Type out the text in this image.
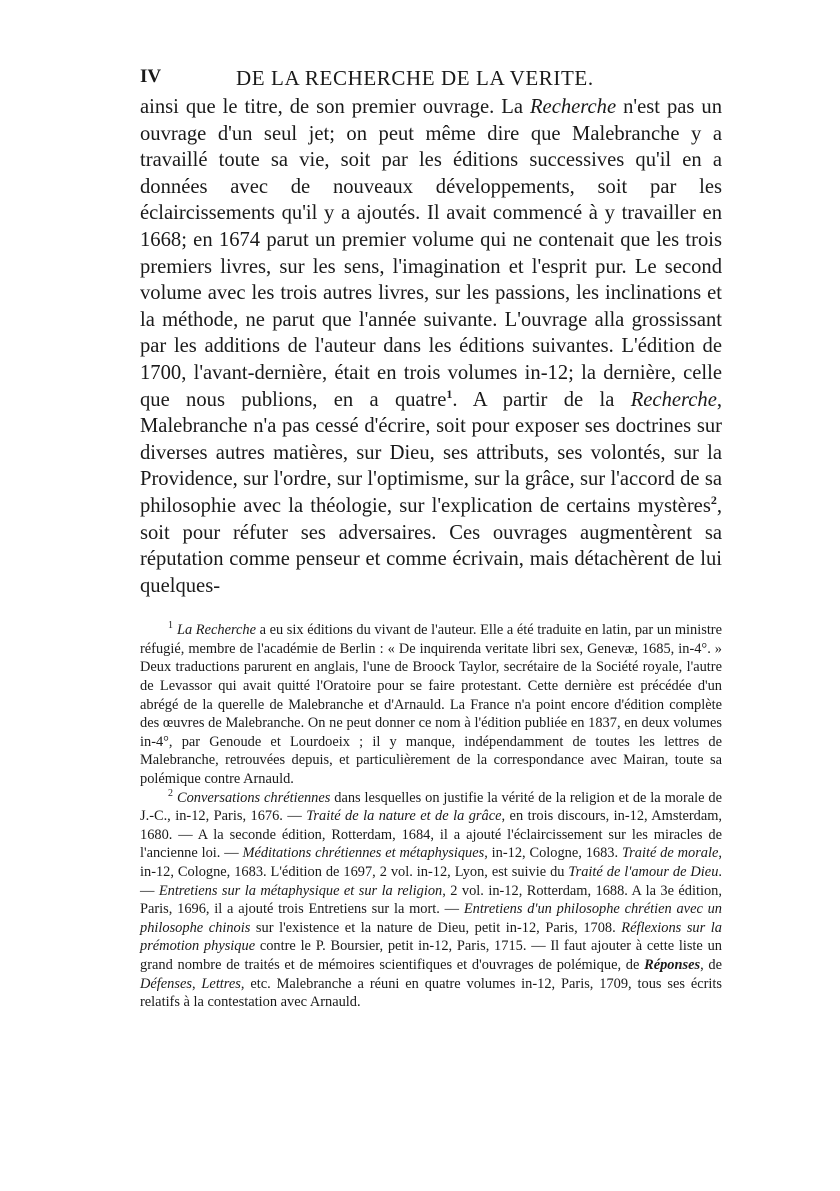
IV	DE LA RECHERCHE DE LA VERITE.

ainsi que le titre, de son premier ouvrage. La Recherche n'est pas un ouvrage d'un seul jet; on peut même dire que Malebranche y a travaillé toute sa vie, soit par les éditions successives qu'il en a données avec de nouveaux développements, soit par les éclaircissements qu'il y a ajoutés. Il avait commencé à y travailler en 1668; en 1674 parut un premier volume qui ne contenait que les trois premiers livres, sur les sens, l'imagination et l'esprit pur. Le second volume avec les trois autres livres, sur les passions, les inclinations et la méthode, ne parut que l'année suivante. L'ouvrage alla grossissant par les additions de l'auteur dans les éditions suivantes. L'édition de 1700, l'avant-dernière, était en trois volumes in-12; la dernière, celle que nous publions, en a quatre$^1$. A partir de la Recherche, Malebranche n'a pas cessé d'écrire, soit pour exposer ses doctrines sur diverses autres matières, sur Dieu, ses attributs, ses volontés, sur la Providence, sur l'ordre, sur l'optimisme, sur la grâce, sur l'accord de sa philosophie avec la théologie, sur l'explication de certains mystères$^2$, soit pour réfuter ses adversaires. Ces ouvrages augmentèrent sa réputation comme penseur et comme écrivain, mais détachèrent de lui quelques-

$^1$ La Recherche a eu six éditions du vivant de l'auteur. Elle a été traduite en latin, par un ministre réfugié, membre de l'académie de Berlin : « De inquirenda veritate libri sex, Genevæ, 1685, in-4°. » Deux traductions parurent en anglais, l'une de Broock Taylor, secrétaire de la Société royale, l'autre de Levassor qui avait quitté l'Oratoire pour se faire protestant. Cette dernière est précédée d'un abrégé de la querelle de Malebranche et d'Arnauld. La France n'a point encore d'édition complète des œuvres de Malebranche. On ne peut donner ce nom à l'édition publiée en 1837, en deux volumes in-4°, par Genoude et Lourdoeix ; il y manque, indépendamment de toutes les lettres de Malebranche, retrouvées depuis, et particulièrement de la correspondance avec Mairan, toute sa polémique contre Arnauld.

$^2$ Conversations chrétiennes dans lesquelles on justifie la vérité de la religion et de la morale de J.-C., in-12, Paris, 1676. — Traité de la nature et de la grâce, en trois discours, in-12, Amsterdam, 1680. — A la seconde édition, Rotterdam, 1684, il a ajouté l'éclaircissement sur les miracles de l'ancienne loi. — Méditations chrétiennes et métaphysiques, in-12, Cologne, 1683. Traité de morale, in-12, Cologne, 1683. L'édition de 1697, 2 vol. in-12, Lyon, est suivie du Traité de l'amour de Dieu. — Entretiens sur la métaphysique et sur la religion, 2 vol. in-12, Rotterdam, 1688. A la 3e édition, Paris, 1696, il a ajouté trois Entretiens sur la mort. — Entretiens d'un philosophe chrétien avec un philosophe chinois sur l'existence et la nature de Dieu, petit in-12, Paris, 1708. Réflexions sur la prémotion physique contre le P. Boursier, petit in-12, Paris, 1715. — Il faut ajouter à cette liste un grand nombre de traités et de mémoires scientifiques et d'ouvrages de polémique, de Réponses, de Défenses, Lettres, etc. Malebranche a réuni en quatre volumes in-12, Paris, 1709, tous ses écrits relatifs à la contestation avec Arnauld.
